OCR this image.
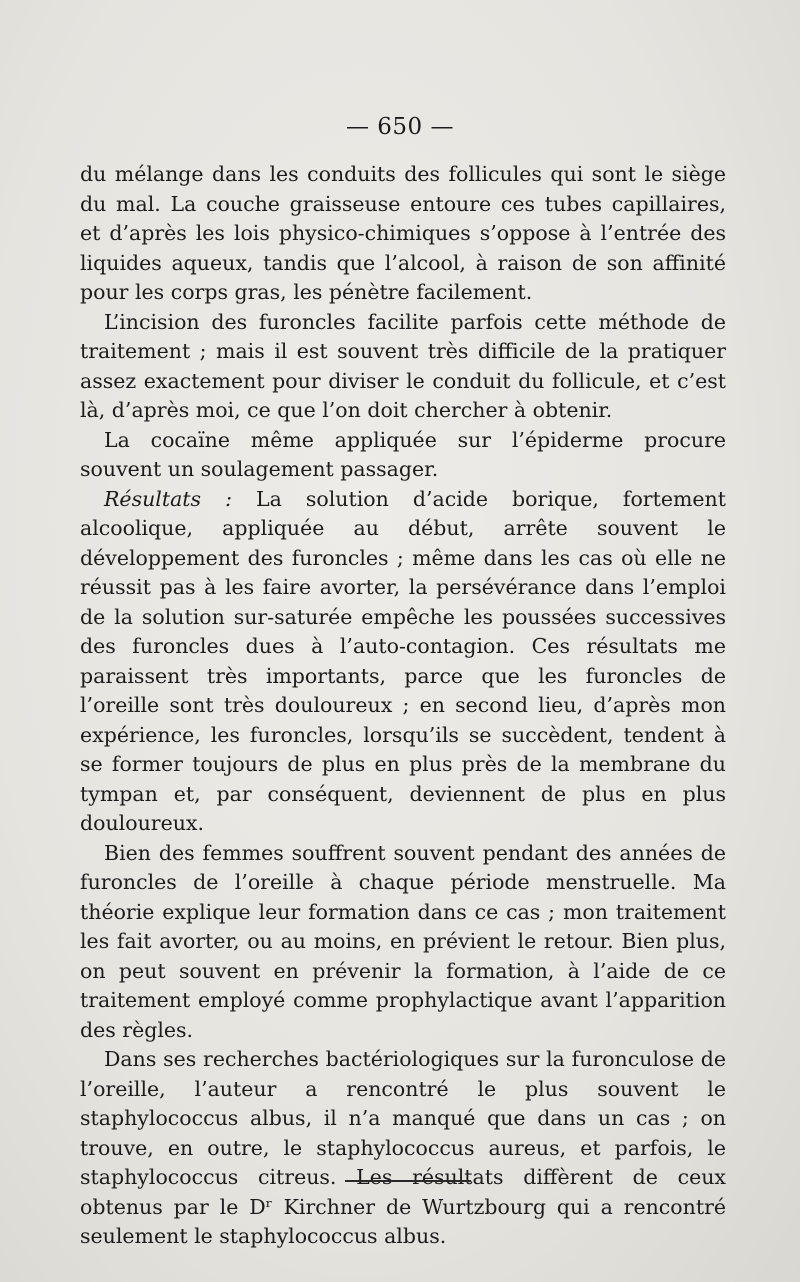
— 650 —

du mélange dans les conduits des follicules qui sont le siège du mal. La couche graisseuse entoure ces tubes capillaires, et d’après les lois physico-chimiques s’oppose à l’entrée des liquides aqueux, tandis que l’alcool, à raison de son affinité pour les corps gras, les pénètre facilement.

L’incision des furoncles facilite parfois cette méthode de traitement ; mais il est souvent très difficile de la pratiquer assez exactement pour diviser le conduit du follicule, et c’est là, d’après moi, ce que l’on doit chercher à obtenir.

La cocaïne même appliquée sur l’épiderme procure souvent un soulagement passager.

Résultats : La solution d’acide borique, fortement alcoolique, appliquée au début, arrête souvent le développement des furoncles ; même dans les cas où elle ne réussit pas à les faire avorter, la persévérance dans l’emploi de la solution sur-saturée empêche les poussées successives des furoncles dues à l’auto-contagion. Ces résultats me paraissent très importants, parce que les furoncles de l’oreille sont très douloureux ; en second lieu, d’après mon expérience, les furoncles, lorsqu’ils se succèdent, tendent à se former toujours de plus en plus près de la membrane du tympan et, par conséquent, deviennent de plus en plus douloureux.

Bien des femmes souffrent souvent pendant des années de furoncles de l’oreille à chaque période menstruelle. Ma théorie explique leur formation dans ce cas ; mon traitement les fait avorter, ou au moins, en prévient le retour. Bien plus, on peut souvent en prévenir la formation, à l’aide de ce traitement employé comme prophylactique avant l’apparition des règles.

Dans ses recherches bactériologiques sur la furonculose de l’oreille, l’auteur a rencontré le plus souvent le staphylococcus albus, il n’a manqué que dans un cas ; on trouve, en outre, le staphylococcus aureus, et parfois, le staphylococcus citreus. Les résultats diffèrent de ceux obtenus par le Dʳ Kirchner de Wurtzbourg qui a rencontré seulement le staphylococcus albus.
